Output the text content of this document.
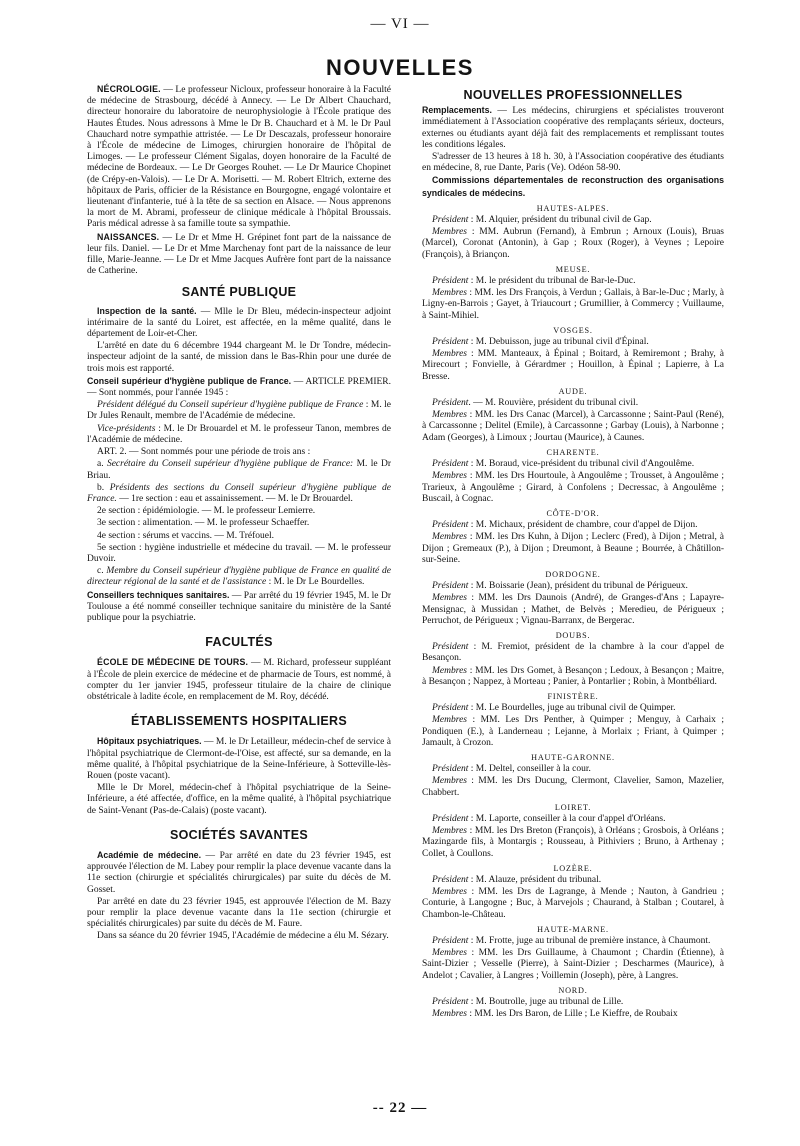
— VI —
NOUVELLES

NÉCROLOGIE. — Le professeur Nicloux, professeur honoraire à la Faculté de médecine de Strasbourg, décédé à Annecy. — Le Dr Albert Chauchard, directeur honoraire du laboratoire de neurophysiologie à l'École pratique des Hautes Études. Nous adressons à Mme le Dr B. Chauchard et à M. le Dr Paul Chauchard notre sympathie attristée. — Le Dr Descazals, professeur honoraire à l'École de médecine de Limoges, chirurgien honoraire de l'hôpital de Limoges. — Le professeur Clément Sigalas, doyen honoraire de la Faculté de médecine de Bordeaux. — Le Dr Georges Rouhet. — Le Dr Maurice Chopinet (de Crépy-en-Valois). — Le Dr A. Morisetti. — M. Robert Eltrich, externe des hôpitaux de Paris, officier de la Résistance en Bourgogne, engagé volontaire et lieutenant d'infanterie, tué à la tête de sa section en Alsace. — Nous apprenons la mort de M. Abrami, professeur de clinique médicale à l'hôpital Broussais. Paris médical adresse à sa famille toute sa sympathie.

NAISSANCES. — Le Dr et Mme H. Grépinet font part de la naissance de leur fils. Daniel. — Le Dr et Mme Marchenay font part de la naissance de leur fille, Marie-Jeanne. — Le Dr et Mme Jacques Aufrère font part de la naissance de Catherine.

SANTÉ PUBLIQUE

Inspection de la santé. — Mlle le Dr Bleu, médecin-inspecteur adjoint intérimaire de la santé du Loiret, est affectée, en la même qualité, dans le département de Loir-et-Cher.

L'arrêté en date du 6 décembre 1944 chargeant M. le Dr Tondre, médecin-inspecteur adjoint de la santé, de mission dans le Bas-Rhin pour une durée de trois mois est rapporté.

Conseil supérieur d'hygiène publique de France. — ARTICLE PREMIER. — Sont nommés, pour l'année 1945 :

Président délégué du Conseil supérieur d'hygiène publique de France : M. le Dr Jules Renault, membre de l'Académie de médecine.

Vice-présidents : M. le Dr Brouardel et M. le professeur Tanon, membres de l'Académie de médecine.

ART. 2. — Sont nommés pour une période de trois ans :

a. Secrétaire du Conseil supérieur d'hygiène publique de France: M. le Dr Briau.

b. Présidents des sections du Conseil supérieur d'hygiène publique de France. — 1re section : eau et assainissement. — M. le Dr Brouardel.

2e section : épidémiologie. — M. le professeur Lemierre.

3e section : alimentation. — M. le professeur Schaeffer.

4e section : sérums et vaccins. — M. Tréfouel.

5e section : hygiène industrielle et médecine du travail. — M. le professeur Duvoir.

c. Membre du Conseil supérieur d'hygiène publique de France en qualité de directeur régional de la santé et de l'assistance : M. le Dr Le Bourdelles.

Conseillers techniques sanitaires. — Par arrêté du 19 février 1945, M. le Dr Toulouse a été nommé conseiller technique sanitaire du ministère de la Santé publique pour la psychiatrie.

FACULTÉS

ÉCOLE DE MÉDECINE DE TOURS. — M. Richard, professeur suppléant à l'École de plein exercice de médecine et de pharmacie de Tours, est nommé, à compter du 1er janvier 1945, professeur titulaire de la chaire de clinique obstétricale à ladite école, en remplacement de M. Roy, décédé.

ÉTABLISSEMENTS HOSPITALIERS

Hôpitaux psychiatriques. — M. le Dr Letailleur, médecin-chef de service à l'hôpital psychiatrique de Clermont-de-l'Oise, est affecté, sur sa demande, en la même qualité, à l'hôpital psychiatrique de la Seine-Inférieure, à Sotteville-lès-Rouen (poste vacant).

Mlle le Dr Morel, médecin-chef à l'hôpital psychiatrique de la Seine-Inférieure, a été affectée, d'office, en la même qualité, à l'hôpital psychiatrique de Saint-Venant (Pas-de-Calais) (poste vacant).

SOCIÉTÉS SAVANTES

Académie de médecine. — Par arrêté en date du 23 février 1945, est approuvée l'élection de M. Labey pour remplir la place devenue vacante dans la 11e section (chirurgie et spécialités chirurgicales) par suite du décès de M. Gosset.

Par arrêté en date du 23 février 1945, est approuvée l'élection de M. Bazy pour remplir la place devenue vacante dans la 11e section (chirurgie et spécialités chirurgicales) par suite du décès de M. Faure.

Dans sa séance du 20 février 1945, l'Académie de médecine a élu M. Sézary.

NOUVELLES PROFESSIONNELLES

Remplacements. — Les médecins, chirurgiens et spécialistes trouveront immédiatement à l'Association coopérative des remplaçants sérieux, docteurs, externes ou étudiants ayant déjà fait des remplacements et remplissant toutes les conditions légales.

S'adresser de 13 heures à 18 h. 30, à l'Association coopérative des étudiants en médecine, 8, rue Dante, Paris (Ve). Odéon 58-90.

Commissions départementales de reconstruction des organisations syndicales de médecins.

HAUTES-ALPES.

Président : M. Alquier, président du tribunal civil de Gap.

Membres : MM. Aubrun (Fernand), à Embrun ; Arnoux (Louis), Bruas (Marcel), Coronat (Antonin), à Gap ; Roux (Roger), à Veynes ; Lepoire (François), à Briançon.

MEUSE.

Président : M. le président du tribunal de Bar-le-Duc.

Membres : MM. les Drs François, à Verdun ; Gallais, à Bar-le-Duc ; Marly, à Ligny-en-Barrois ; Gayet, à Triaucourt ; Grumillier, à Commercy ; Vuillaume, à Saint-Mihiel.

VOSGES.

Président : M. Debuisson, juge au tribunal civil d'Épinal.

Membres : MM. Manteaux, à Épinal ; Boitard, à Remiremont ; Brahy, à Mirecourt ; Fonvielle, à Gérardmer ; Houillon, à Épinal ; Lapierre, à La Bresse.

AUDE.

Président. — M. Rouvière, président du tribunal civil.

Membres : MM. les Drs Canac (Marcel), à Carcassonne ; Saint-Paul (René), à Carcassonne ; Delitel (Emile), à Carcassonne ; Garbay (Louis), à Narbonne ; Adam (Georges), à Limoux ; Jourtau (Maurice), à Caunes.

CHARENTE.

Président : M. Boraud, vice-président du tribunal civil d'Angoulême.

Membres : MM. les Drs Hourtoule, à Angoulême ; Trousset, à Angoulême ; Trarieux, à Angoulême ; Girard, à Confolens ; Decressac, à Angoulême ; Buscail, à Cognac.

CÔTE-D'OR.

Président : M. Michaux, président de chambre, cour d'appel de Dijon.

Membres : MM. les Drs Kuhn, à Dijon ; Leclerc (Fred), à Dijon ; Metral, à Dijon ; Gremeaux (P.), à Dijon ; Dreumont, à Beaune ; Bourrée, à Châtillon-sur-Seine.

DORDOGNE.

Président : M. Boissarie (Jean), président du tribunal de Périgueux.

Membres : MM. les Drs Daunois (André), de Granges-d'Ans ; Lapayre-Mensignac, à Mussidan ; Mathet, de Belvès ; Meredieu, de Périgueux ; Perruchot, de Périgueux ; Vignau-Barranx, de Bergerac.

DOUBS.

Président : M. Fremiot, président de la chambre à la cour d'appel de Besançon.

Membres : MM. les Drs Gomet, à Besançon ; Ledoux, à Besançon ; Maitre, à Besançon ; Nappez, à Morteau ; Panier, à Pontarlier ; Robin, à Montbéliard.

FINISTÈRE.

Président : M. Le Bourdelles, juge au tribunal civil de Quimper.

Membres : MM. Les Drs Penther, à Quimper ; Menguy, à Carhaix ; Pondiquen (E.), à Landerneau ; Lejanne, à Morlaix ; Friant, à Quimper ; Jamault, à Crozon.

HAUTE-GARONNE.

Président : M. Deltel, conseiller à la cour.

Membres : MM. les Drs Ducung, Clermont, Clavelier, Samon, Mazelier, Chabbert.

LOIRET.

Président : M. Laporte, conseiller à la cour d'appel d'Orléans.

Membres : MM. les Drs Breton (François), à Orléans ; Grosbois, à Orléans ; Mazingarde fils, à Montargis ; Rousseau, à Pithiviers ; Bruno, à Arthenay ; Collet, à Coullons.

LOZÈRE.

Président : M. Alauze, président du tribunal.

Membres : MM. les Drs de Lagrange, à Mende ; Nauton, à Gandrieu ; Conturie, à Langogne ; Buc, à Marvejols ; Chaurand, à Stalban ; Coutarel, à Chambon-le-Château.

HAUTE-MARNE.

Président : M. Frotte, juge au tribunal de première instance, à Chaumont.

Membres : MM. les Drs Guillaume, à Chaumont ; Chardin (Étienne), à Saint-Dizier ; Vesselle (Pierre), à Saint-Dizier ; Descharmes (Maurice), à Andelot ; Cavalier, à Langres ; Voillemin (Joseph), père, à Langres.

NORD.

Président : M. Boutrolle, juge au tribunal de Lille.

Membres : MM. les Drs Baron, de Lille ; Le Kieffre, de Roubaix

-- 22 —
